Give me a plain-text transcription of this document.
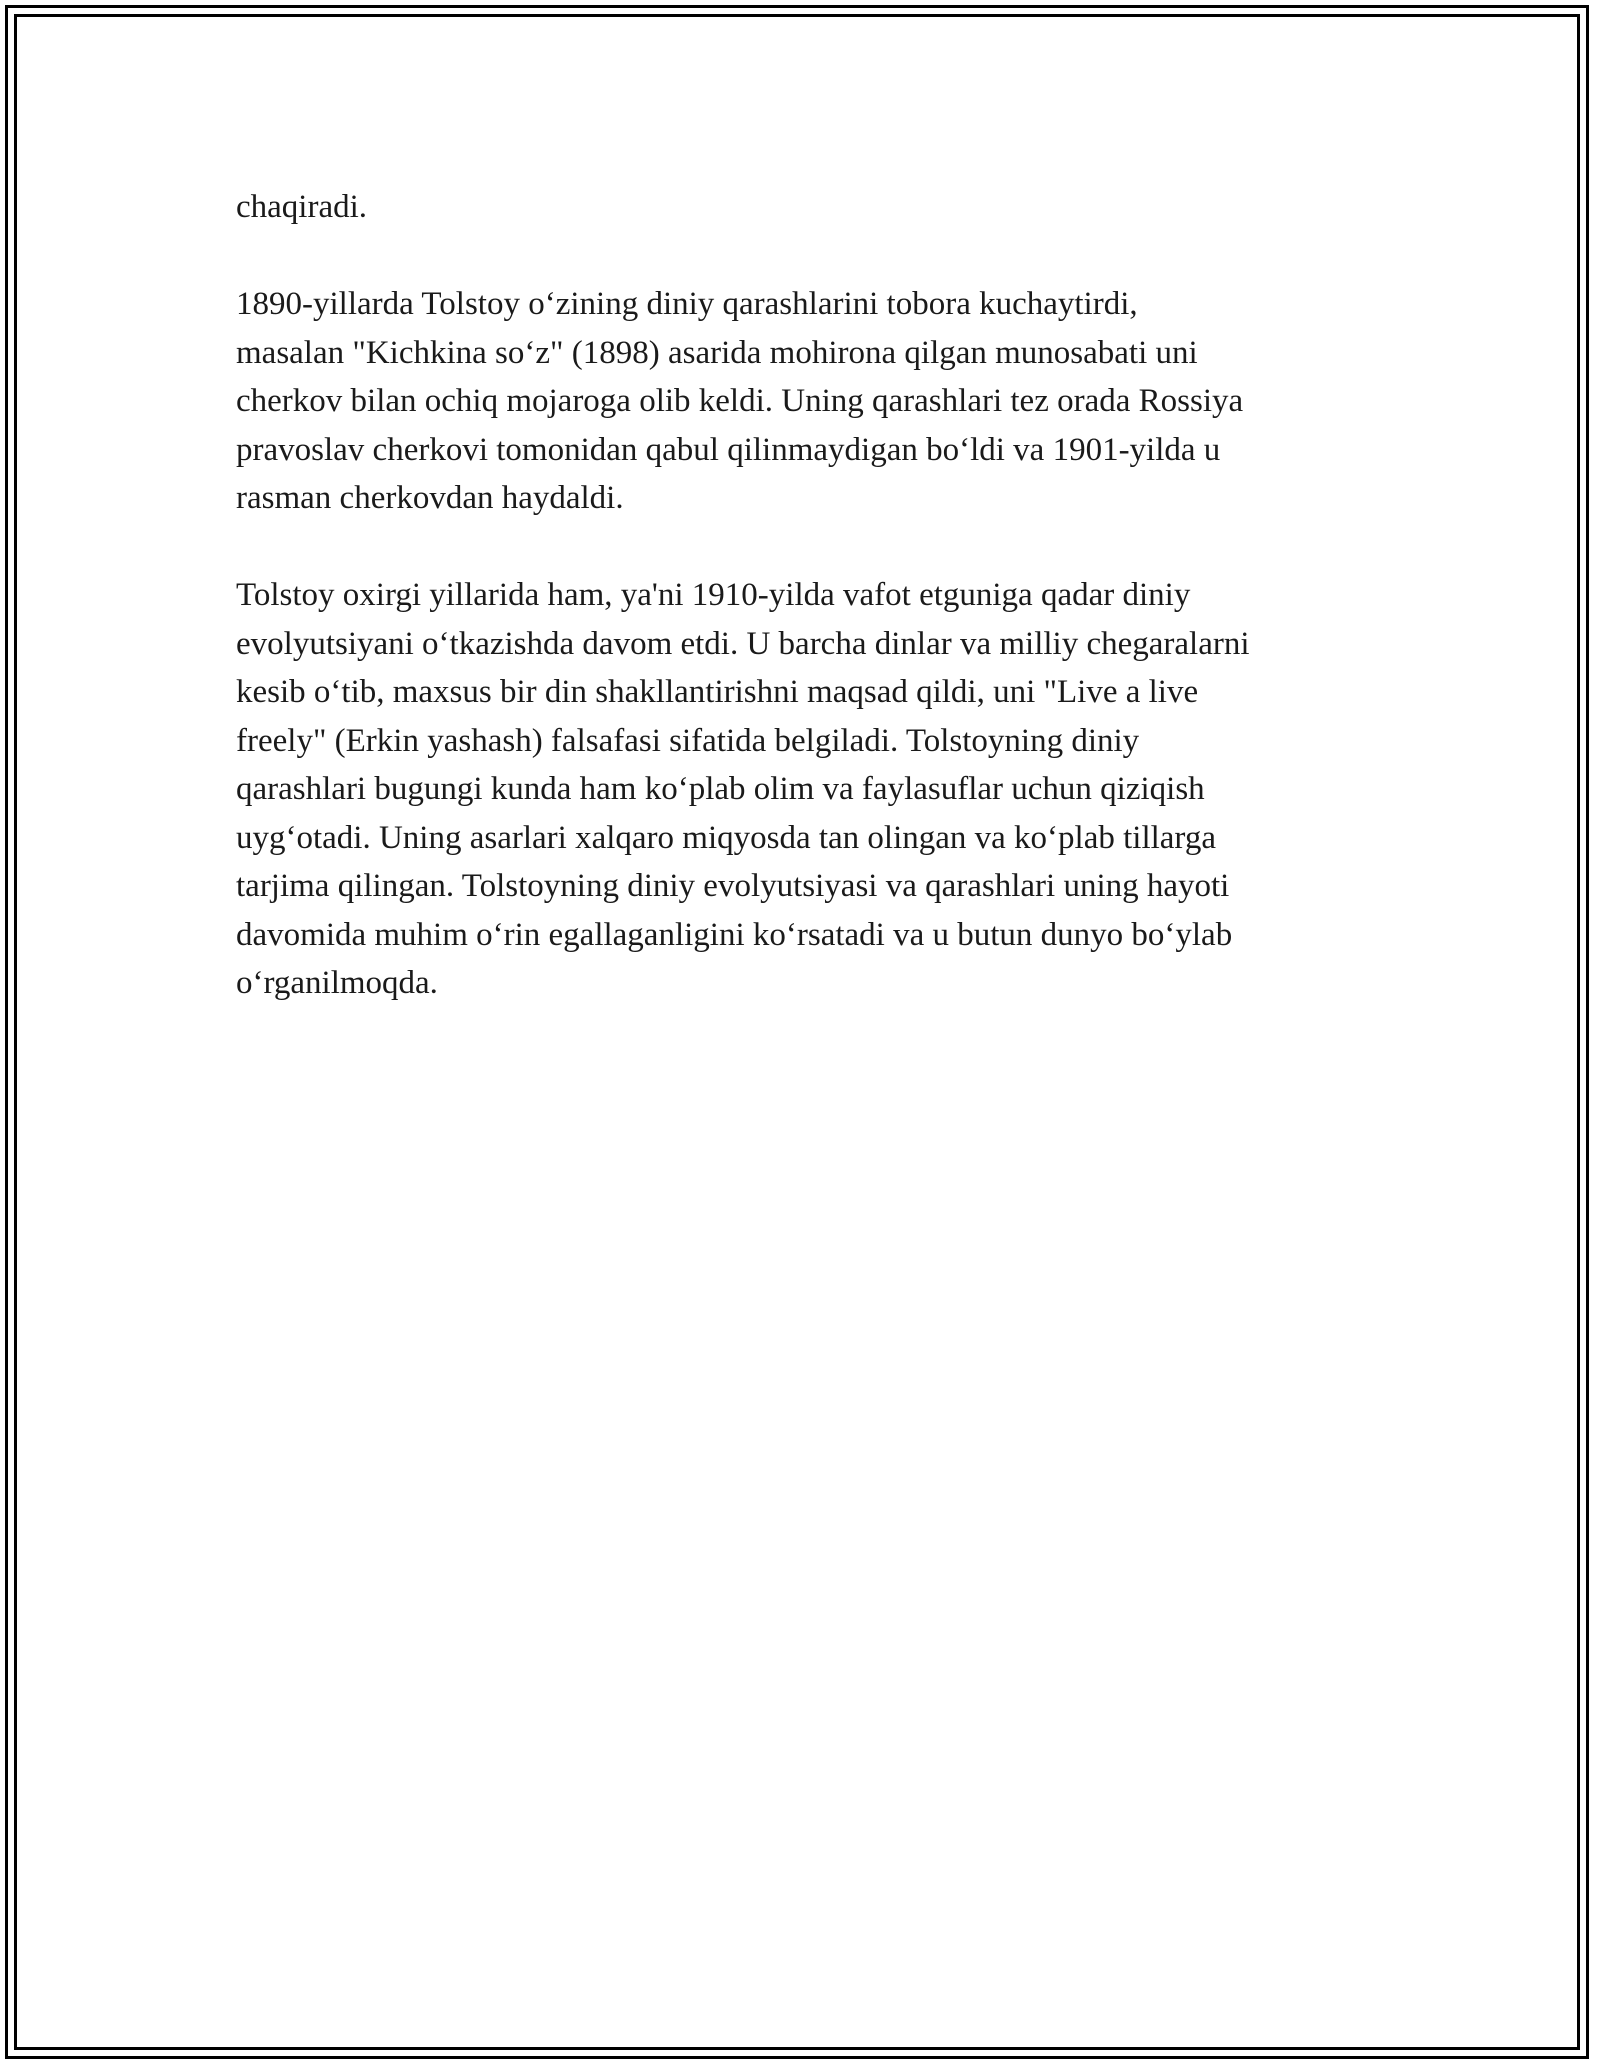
chaqiradi.

1890-yillarda Tolstoy o‘zining diniy qarashlarini tobora kuchaytirdi,
masalan "Kichkina so‘z" (1898) asarida mohirona qilgan munosabati uni
cherkov bilan ochiq mojaroga olib keldi. Uning qarashlari tez orada Rossiya
pravoslav cherkovi tomonidan qabul qilinmaydigan bo‘ldi va 1901-yilda u
rasman cherkovdan haydaldi.

Tolstoy oxirgi yillarida ham, ya'ni 1910-yilda vafot etguniga qadar diniy
evolyutsiyani o‘tkazishda davom etdi. U barcha dinlar va milliy chegaralarni
kesib o‘tib, maxsus bir din shakllantirishni maqsad qildi, uni "Live a live
freely" (Erkin yashash) falsafasi sifatida belgiladi. Tolstoyning diniy
qarashlari bugungi kunda ham ko‘plab olim va faylasuflar uchun qiziqish
uyg‘otadi. Uning asarlari xalqaro miqyosda tan olingan va ko‘plab tillarga
tarjima qilingan. Tolstoyning diniy evolyutsiyasi va qarashlari uning hayoti
davomida muhim o‘rin egallaganligini ko‘rsatadi va u butun dunyo bo‘ylab
o‘rganilmoqda.
